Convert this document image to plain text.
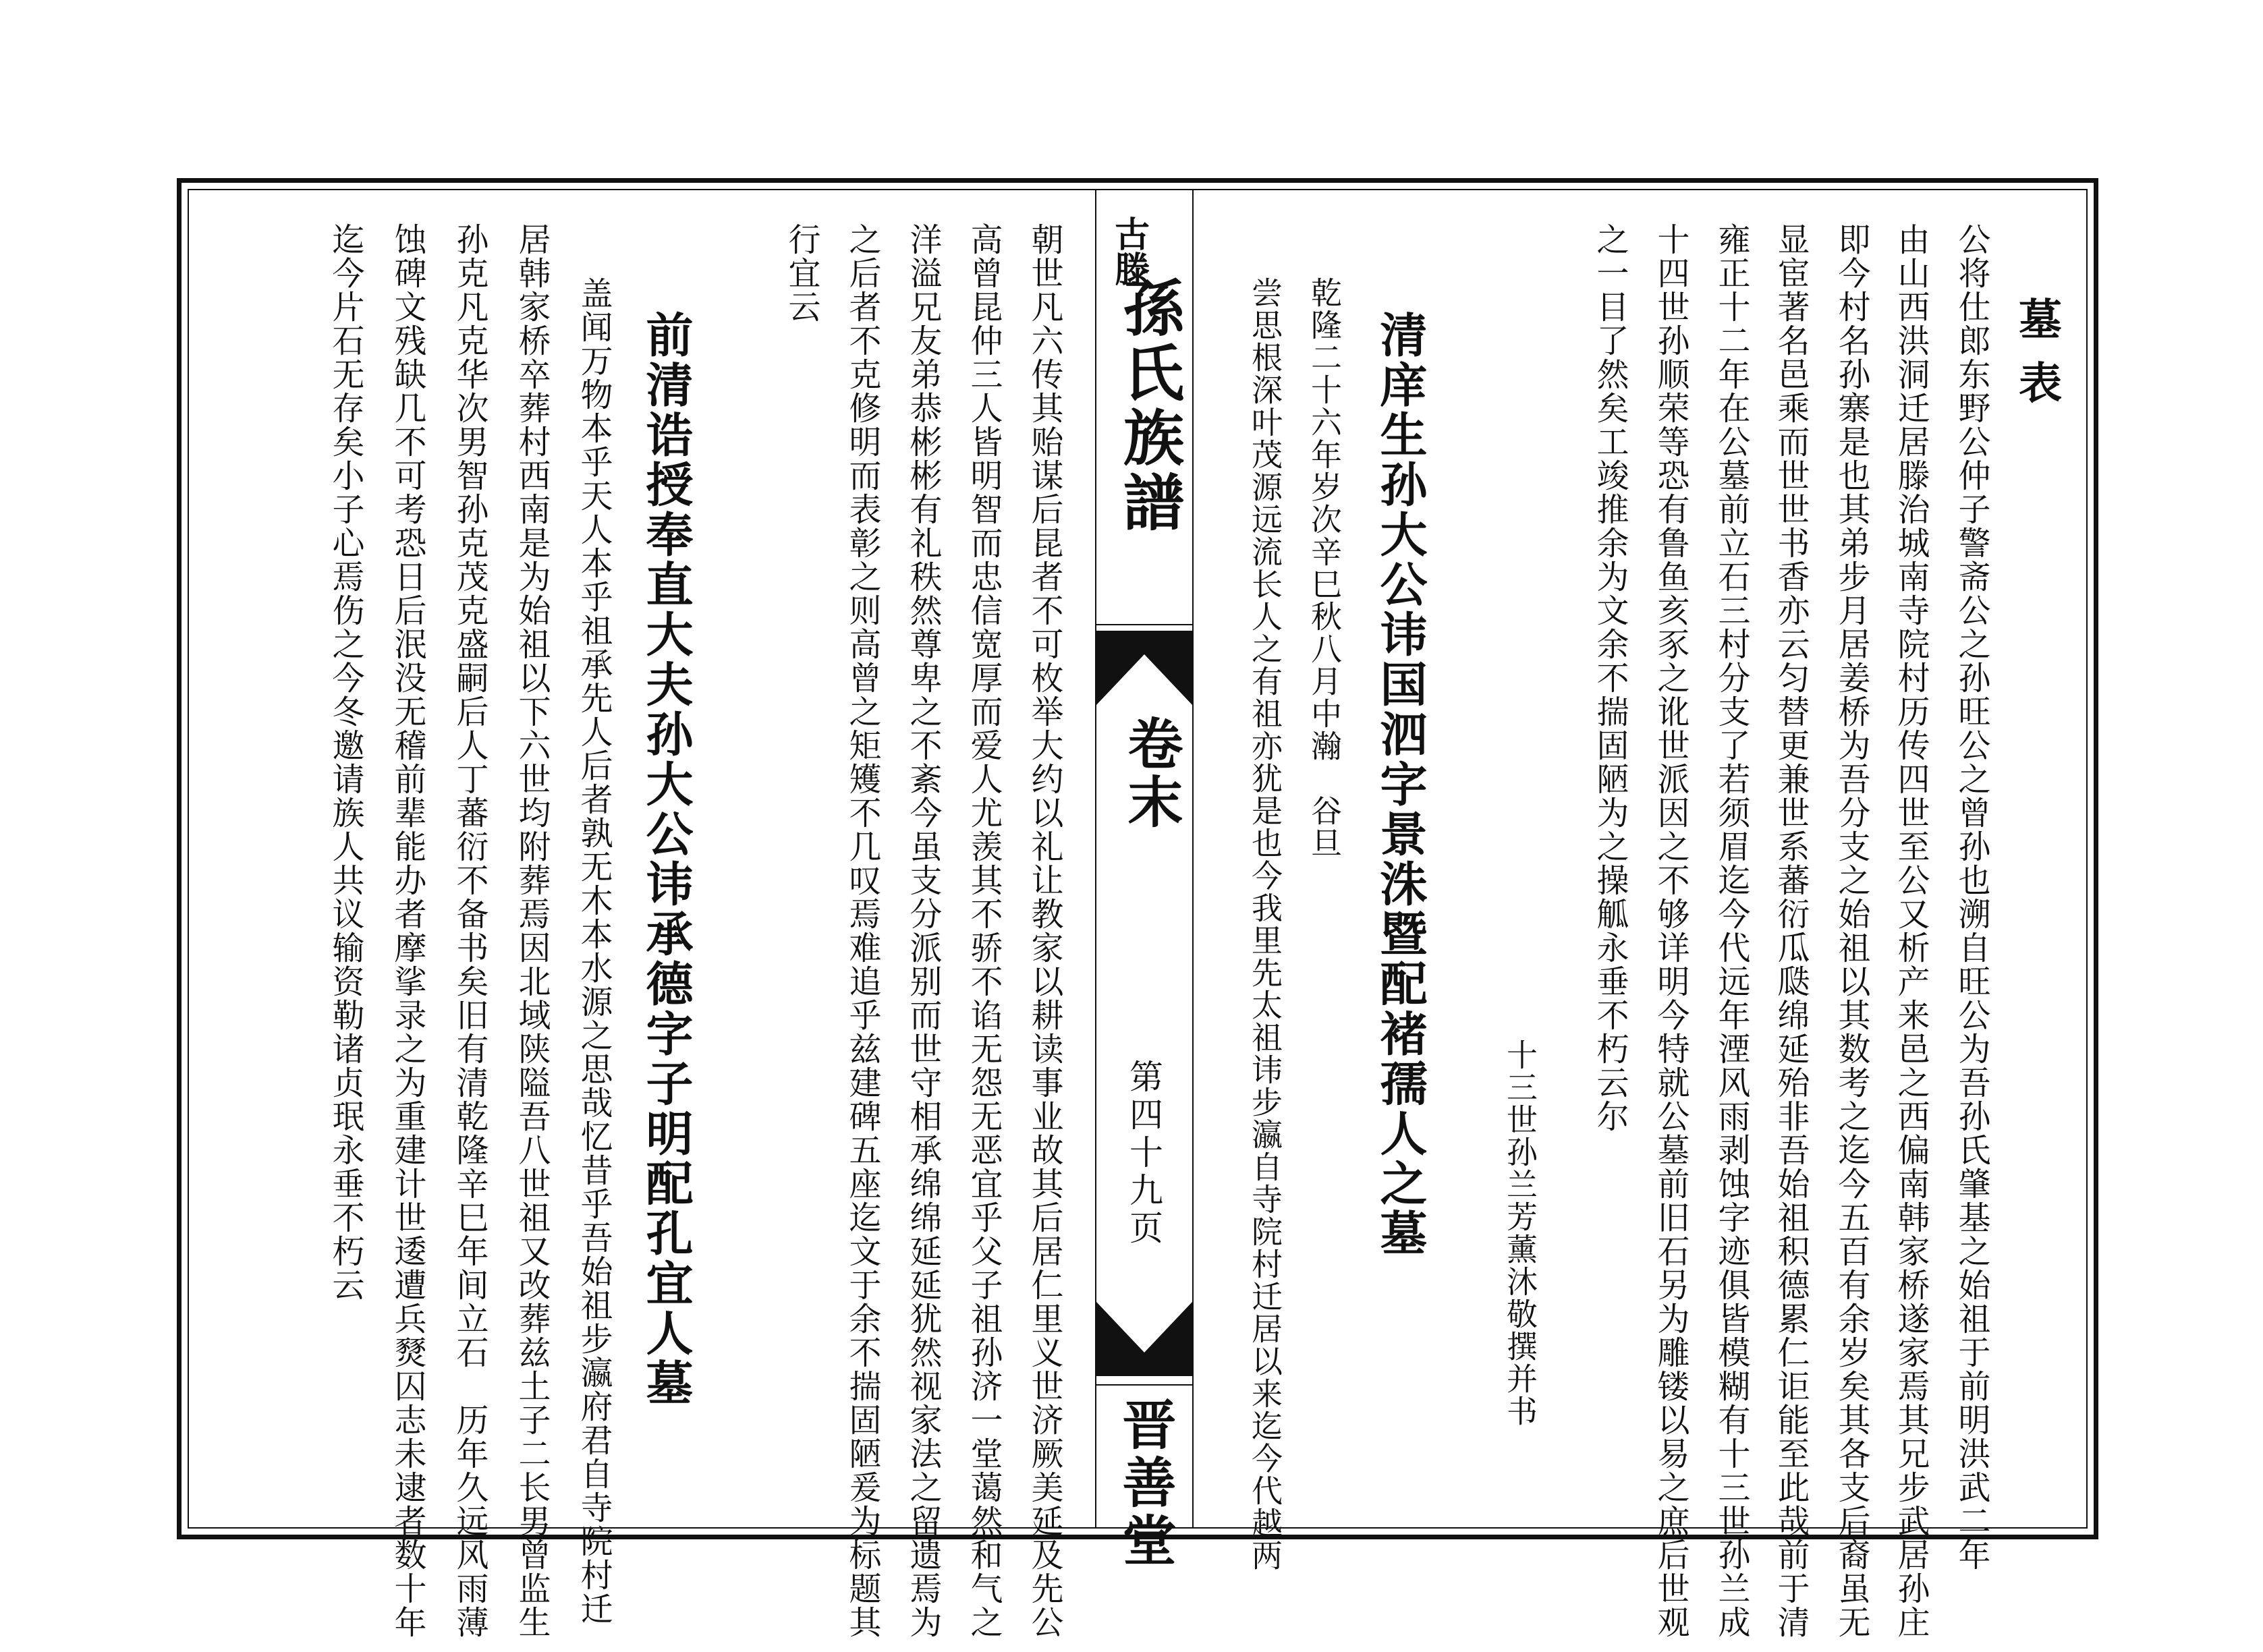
墓表
公将仕郎东野公仲子警斋公之孙旺公之曾孙也溯自旺公为吾孙氏肇基之始祖于前明洪武二年
由山西洪洞迁居滕治城南寺院村历传四世至公又析产来邑之西偏南韩家桥遂家焉其兄步武居孙庄
即今村名孙寨是也其弟步月居姜桥为吾分支之始祖以其数考之迄今五百有余岁矣其各支后裔虽无
显宦著名邑乘而世世书香亦云匀替更兼世系蕃衍瓜瓞绵延殆非吾始祖积德累仁讵能至此哉前于清
雍正十二年在公墓前立石三村分支了若须眉迄今代远年湮风雨剥蚀字迹俱皆模糊有十三世孙兰成
十四世孙顺荣等恐有鲁鱼亥豕之讹世派因之不够详明今特就公墓前旧石另为雕镂以易之庶后世观
之一目了然矣工竣推余为文余不揣固陋为之操觚永垂不朽云尔
十三世孙兰芳薰沐敬撰并书
清庠生孙大公讳国泗字景洙暨配褚孺人之墓
乾隆二十六年岁次辛巳秋八月中瀚　谷旦
尝思根深叶茂源远流长人之有祖亦犹是也今我里先太祖讳步瀛自寺院村迁居以来迄今代越两
古滕
孫氏族譜
卷末
第四十九页
晋善堂
朝世凡六传其贻谋后昆者不可枚举大约以礼让教家以耕读事业故其后居仁里义世济厥美延及先公
高曾昆仲三人皆明智而忠信宽厚而爱人尤羡其不骄不谄无怨无恶宜乎父子祖孙济一堂蔼然和气之
洋溢兄友弟恭彬彬有礼秩然尊卑之不紊今虽支分派别而世守相承绵绵延延犹然视家法之留遗焉为
之后者不克修明而表彰之则高曾之矩矱不几叹焉难追乎兹建碑五座迄文于余不揣固陋爰为标题其
行宜云
前清诰授奉直大夫孙大公讳承德字子明配孔宜人墓
盖闻万物本乎天人本乎祖承先人后者孰无木本水源之思哉忆昔乎吾始祖步瀛府君自寺院村迁
居韩家桥卒葬村西南是为始祖以下六世均附葬焉因北域陕隘吾八世祖又改葬兹土子二长男曾监生
孙克凡克华次男智孙克茂克盛嗣后人丁蕃衍不备书矣旧有清乾隆辛巳年间立石　历年久远风雨薄
蚀碑文残缺几不可考恐日后泯没无稽前辈能办者摩挲录之为重建计世逶遭兵燹囚志未逮者数十年
迄今片石无存矣小子心焉伤之今冬邀请族人共议输资勒诸贞珉永垂不朽云
